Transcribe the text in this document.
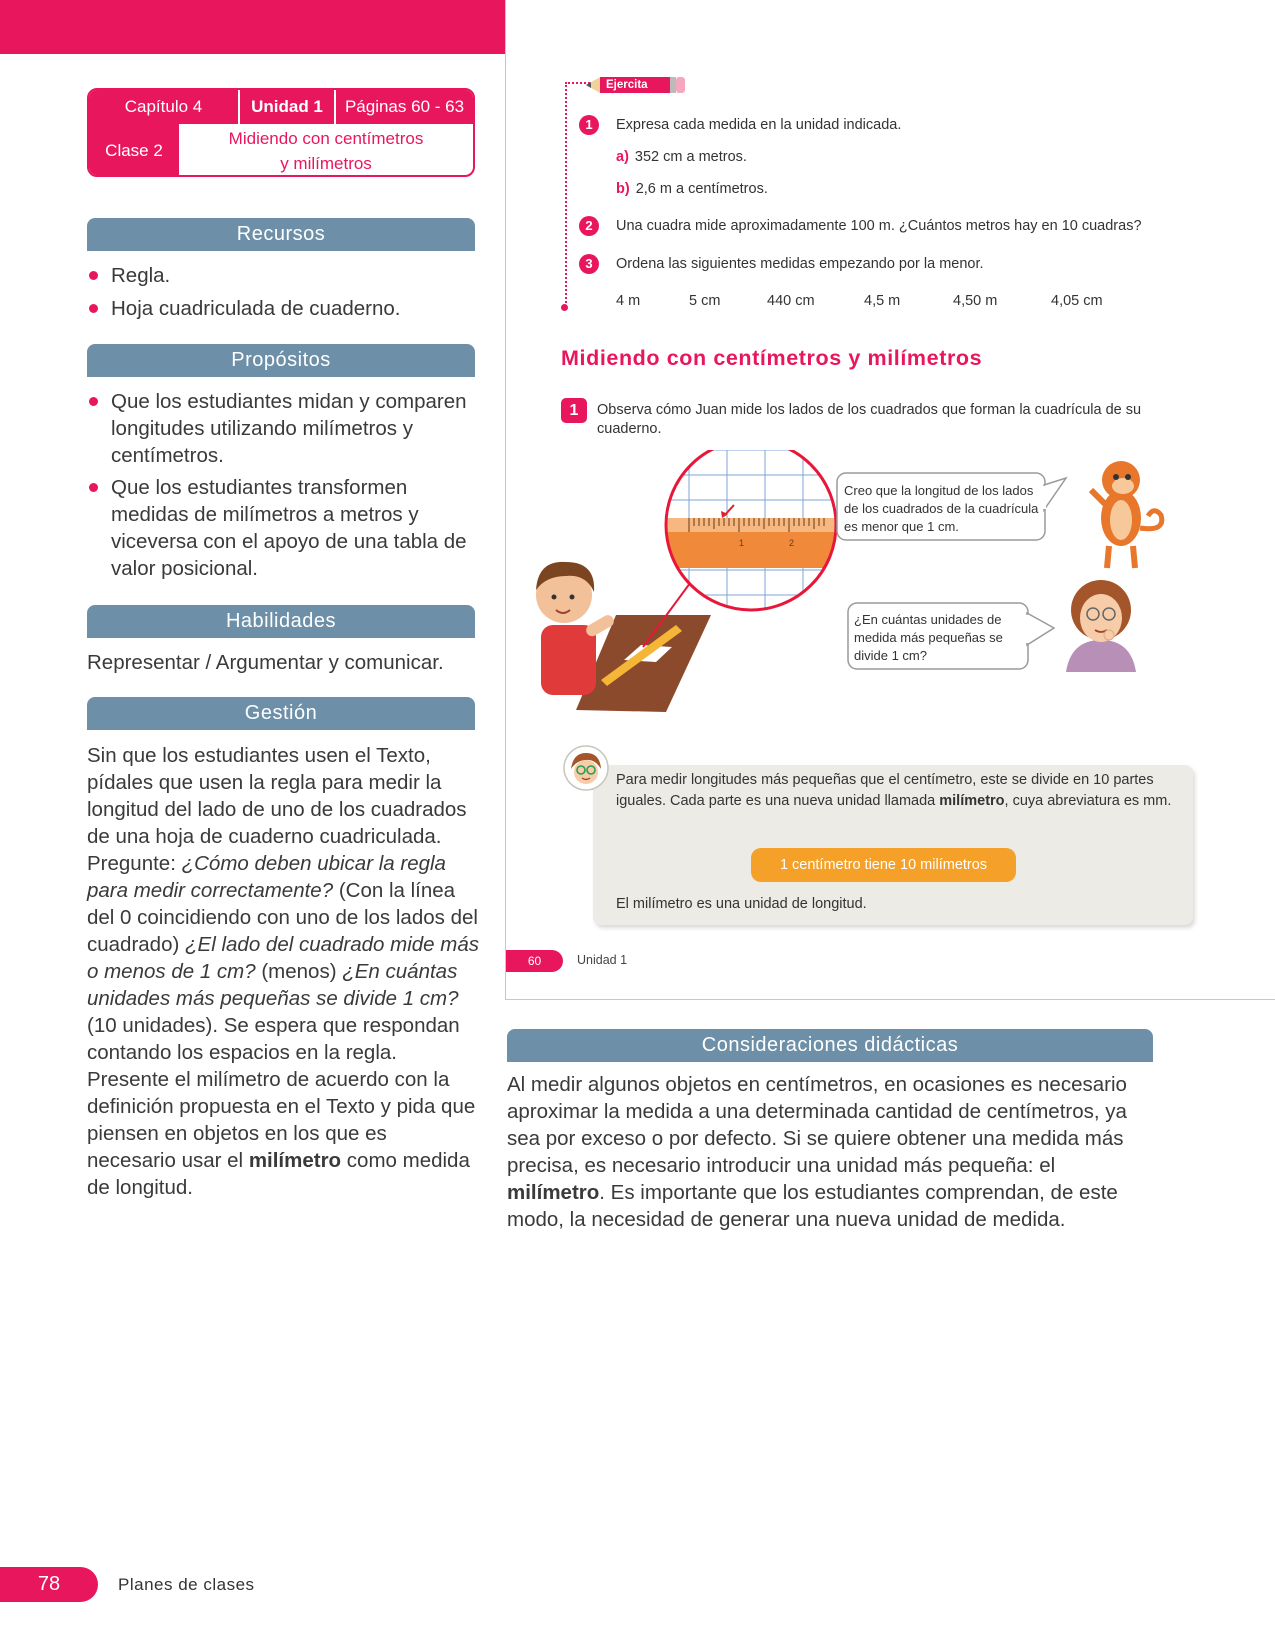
Capítulo 4	Unidad 1	Páginas 60 - 63
Clase 2
Midiendo con centímetros
y milímetros
Recursos
Regla.
Hoja cuadriculada de cuaderno.
Propósitos
Que los estudiantes midan y comparen longitudes utilizando milímetros y centímetros.
Que los estudiantes transformen medidas de milímetros a metros y viceversa con el apoyo de una tabla de valor posicional.
Habilidades
Representar / Argumentar y comunicar.
Gestión
Sin que los estudiantes usen el Texto, pídales que usen la regla para medir la longitud del lado de uno de los cuadrados de una hoja de cuaderno cuadriculada. Pregunte: ¿Cómo deben ubicar la regla para medir correctamente? (Con la línea del 0 coincidiendo con uno de los lados del cuadrado) ¿El lado del cuadrado mide más o menos de 1 cm? (menos) ¿En cuántas unidades más pequeñas se divide 1 cm? (10 unidades). Se espera que respondan contando los espacios en la regla. Presente el milímetro de acuerdo con la definición propuesta en el Texto y pida que piensen en objetos en los que es necesario usar el milímetro como medida de longitud.
Ejercita
1	Expresa cada medida en la unidad indicada.
a) 352 cm a metros.
b) 2,6 m a centímetros.
2	Una cuadra mide aproximadamente 100 m. ¿Cuántos metros hay en 10 cuadras?
3	Ordena las siguientes medidas empezando por la menor.
4 m	5 cm	440 cm	4,5 m	4,50 m	4,05 cm
Midiendo con centímetros y milímetros
1	Observa cómo Juan mide los lados de los cuadrados que forman la cuadrícula de su cuaderno.
1	2
Creo que la longitud de los lados de los cuadrados de la cuadrícula es menor que 1 cm.
¿En cuántas unidades de medida más pequeñas se divide 1 cm?
Para medir longitudes más pequeñas que el centímetro, este se divide en 10 partes iguales. Cada parte es una nueva unidad llamada milímetro, cuya abreviatura es mm.
1 centímetro tiene 10 milímetros
El milímetro es una unidad de longitud.
60	Unidad 1
Consideraciones didácticas
Al medir algunos objetos en centímetros, en ocasiones es necesario aproximar la medida a una determinada cantidad de centímetros, ya sea por exceso o por defecto. Si se quiere obtener una medida más precisa, es necesario introducir una unidad más pequeña: el milímetro. Es importante que los estudiantes comprendan, de este modo, la necesidad de generar una nueva unidad de medida.
78	Planes de clases
